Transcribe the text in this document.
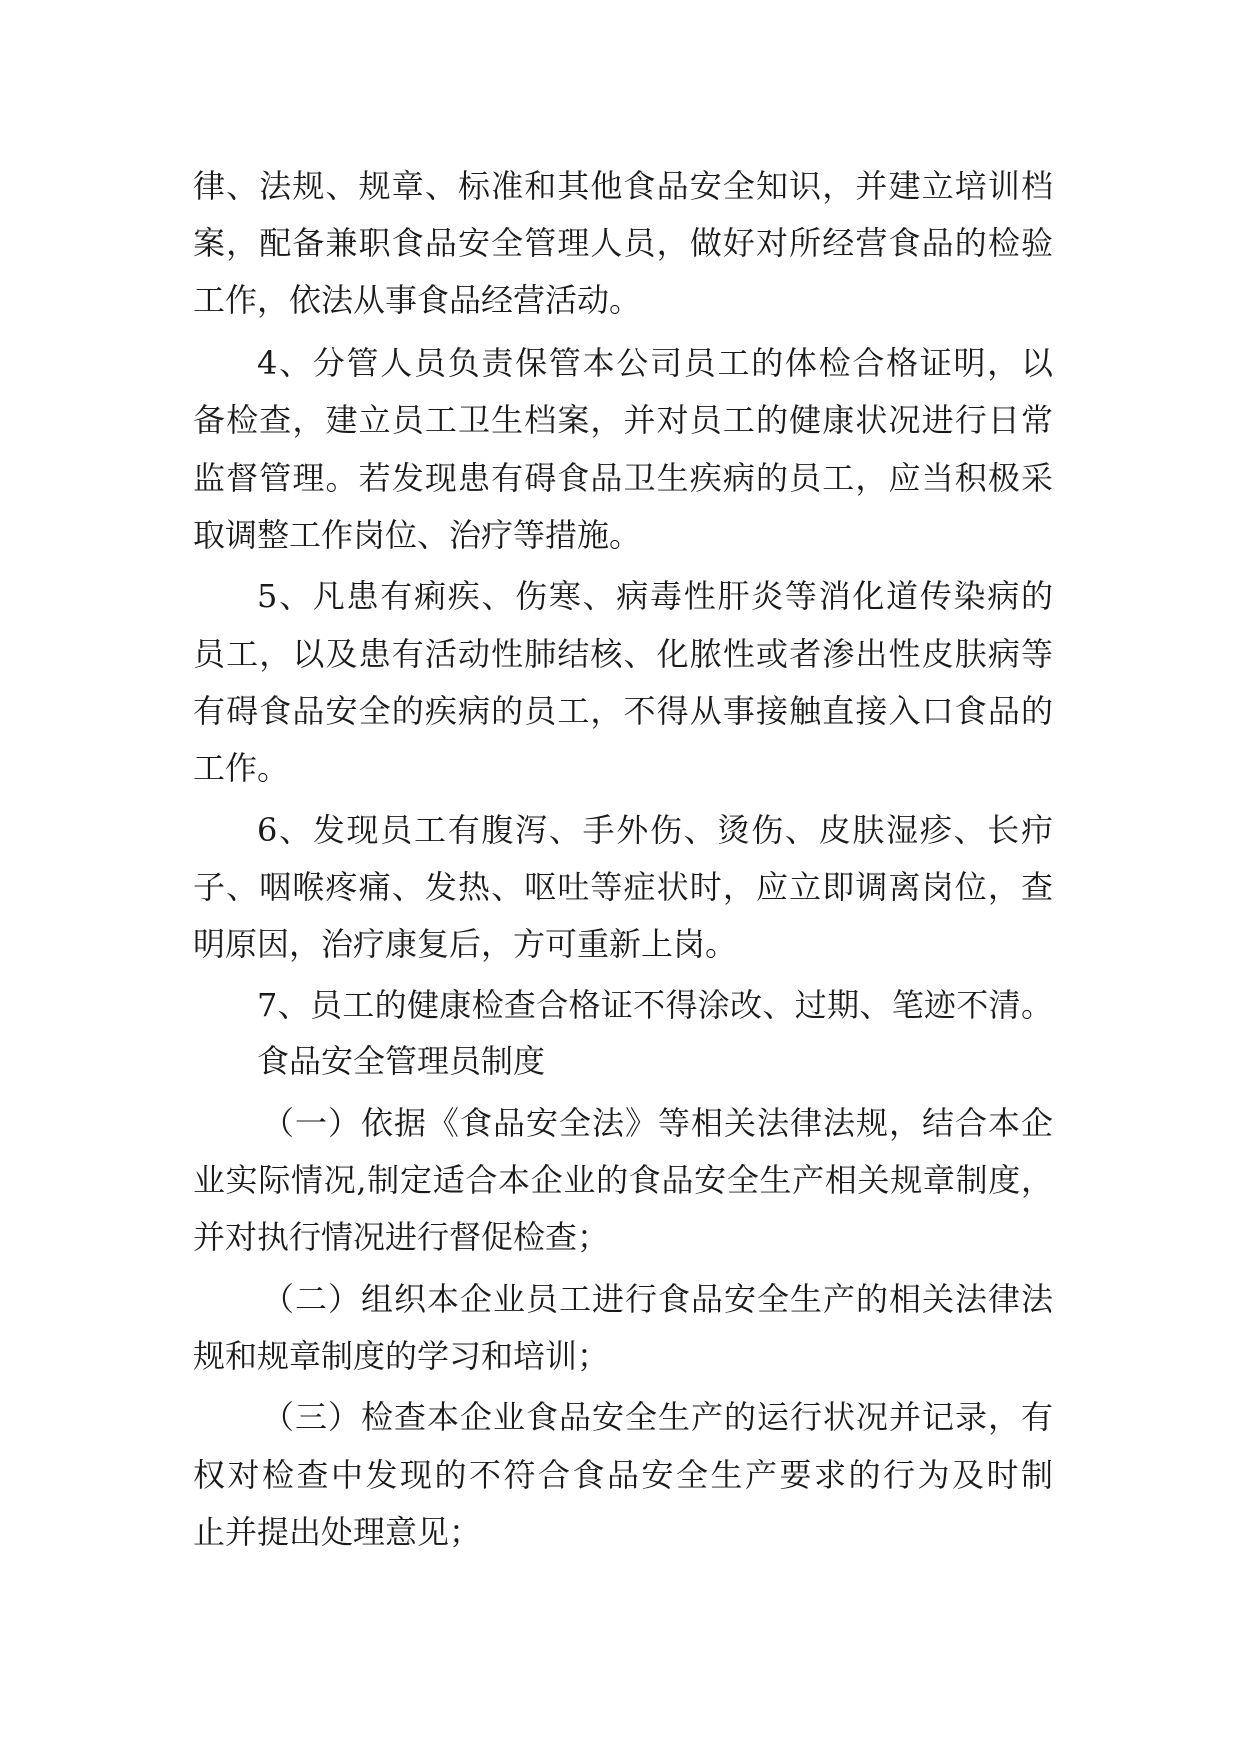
律、法规、规章、标准和其他食品安全知识，并建立培训档
案，配备兼职食品安全管理人员，做好对所经营食品的检验
工作，依法从事食品经营活动。
4、分管人员负责保管本公司员工的体检合格证明，以
备检查，建立员工卫生档案，并对员工的健康状况进行日常
监督管理。若发现患有碍食品卫生疾病的员工，应当积极采
取调整工作岗位、治疗等措施。
5、凡患有痢疾、伤寒、病毒性肝炎等消化道传染病的
员工，以及患有活动性肺结核、化脓性或者渗出性皮肤病等
有碍食品安全的疾病的员工，不得从事接触直接入口食品的
工作。
6、发现员工有腹泻、手外伤、烫伤、皮肤湿疹、长疖
子、咽喉疼痛、发热、呕吐等症状时，应立即调离岗位，查
明原因，治疗康复后，方可重新上岗。
7、员工的健康检查合格证不得涂改、过期、笔迹不清。
食品安全管理员制度
（一）依据《食品安全法》等相关法律法规，结合本企
业实际情况,制定适合本企业的食品安全生产相关规章制度，
并对执行情况进行督促检查；
（二）组织本企业员工进行食品安全生产的相关法律法
规和规章制度的学习和培训；
（三）检查本企业食品安全生产的运行状况并记录，有
权对检查中发现的不符合食品安全生产要求的行为及时制
止并提出处理意见；
